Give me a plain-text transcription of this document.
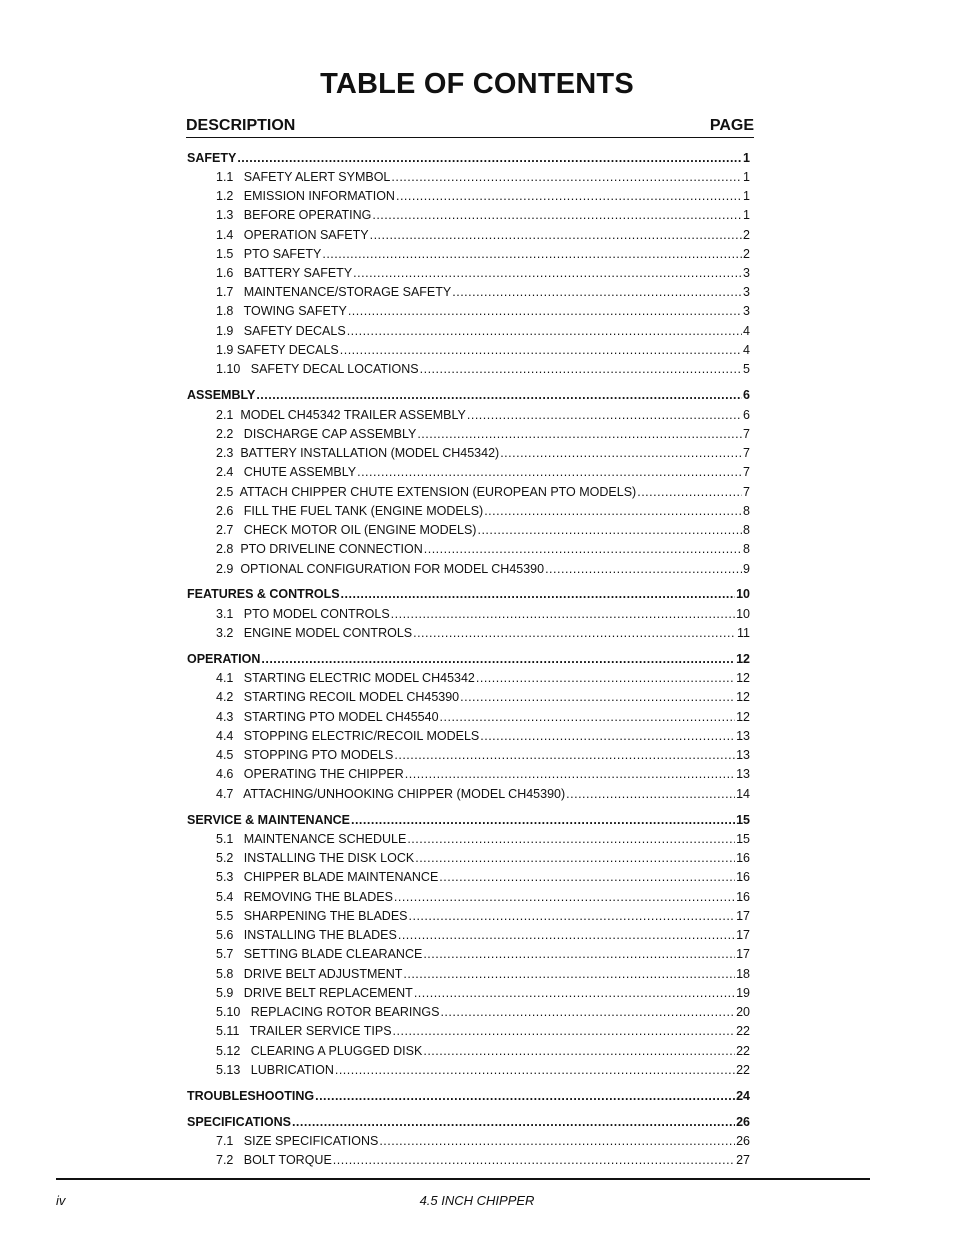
TABLE OF CONTENTS
DESCRIPTION	PAGE
SAFETY .....	1
1.1   SAFETY ALERT SYMBOL .....	1
1.2   EMISSION INFORMATION .....	1
1.3   BEFORE OPERATING .....	1
1.4   OPERATION SAFETY .....	2
1.5   PTO SAFETY .....	2
1.6   BATTERY SAFETY .....	3
1.7   MAINTENANCE/STORAGE SAFETY .....	3
1.8   TOWING SAFETY .....	3
1.9   SAFETY DECALS .....	4
1.9 SAFETY DECALS .....	4
1.10   SAFETY DECAL LOCATIONS .....	5
ASSEMBLY .....	6
2.1  MODEL CH45342 TRAILER ASSEMBLY .....	6
2.2   DISCHARGE CAP ASSEMBLY .....	7
2.3  BATTERY INSTALLATION (MODEL CH45342) .....	7
2.4   CHUTE ASSEMBLY .....	7
2.5  ATTACH CHIPPER CHUTE EXTENSION (EUROPEAN PTO MODELS) .....	7
2.6   FILL THE FUEL TANK (ENGINE MODELS) .....	8
2.7   CHECK MOTOR OIL (ENGINE MODELS) .....	8
2.8  PTO DRIVELINE CONNECTION .....	8
2.9  OPTIONAL CONFIGURATION FOR MODEL CH45390 .....	9
FEATURES & CONTROLS .....	10
3.1   PTO MODEL CONTROLS .....	10
3.2   ENGINE MODEL CONTROLS .....	11
OPERATION .....	12
4.1   STARTING ELECTRIC MODEL CH45342 .....	12
4.2   STARTING RECOIL MODEL CH45390 .....	12
4.3   STARTING PTO MODEL CH45540 .....	12
4.4   STOPPING ELECTRIC/RECOIL MODELS .....	13
4.5   STOPPING PTO MODELS .....	13
4.6   OPERATING THE CHIPPER .....	13
4.7   ATTACHING/UNHOOKING CHIPPER (MODEL CH45390) .....	14
SERVICE & MAINTENANCE .....	15
5.1   MAINTENANCE SCHEDULE .....	15
5.2   INSTALLING THE DISK LOCK .....	16
5.3   CHIPPER BLADE MAINTENANCE .....	16
5.4   REMOVING THE BLADES .....	16
5.5   SHARPENING THE BLADES .....	17
5.6   INSTALLING THE BLADES .....	17
5.7   SETTING BLADE CLEARANCE .....	17
5.8   DRIVE BELT ADJUSTMENT .....	18
5.9   DRIVE BELT REPLACEMENT .....	19
5.10   REPLACING ROTOR BEARINGS .....	20
5.11   TRAILER SERVICE TIPS .....	22
5.12   CLEARING A PLUGGED DISK .....	22
5.13   LUBRICATION .....	22
TROUBLESHOOTING .....	24
SPECIFICATIONS .....	26
7.1   SIZE SPECIFICATIONS .....	26
7.2   BOLT TORQUE .....	27
iv	4.5 INCH CHIPPER
